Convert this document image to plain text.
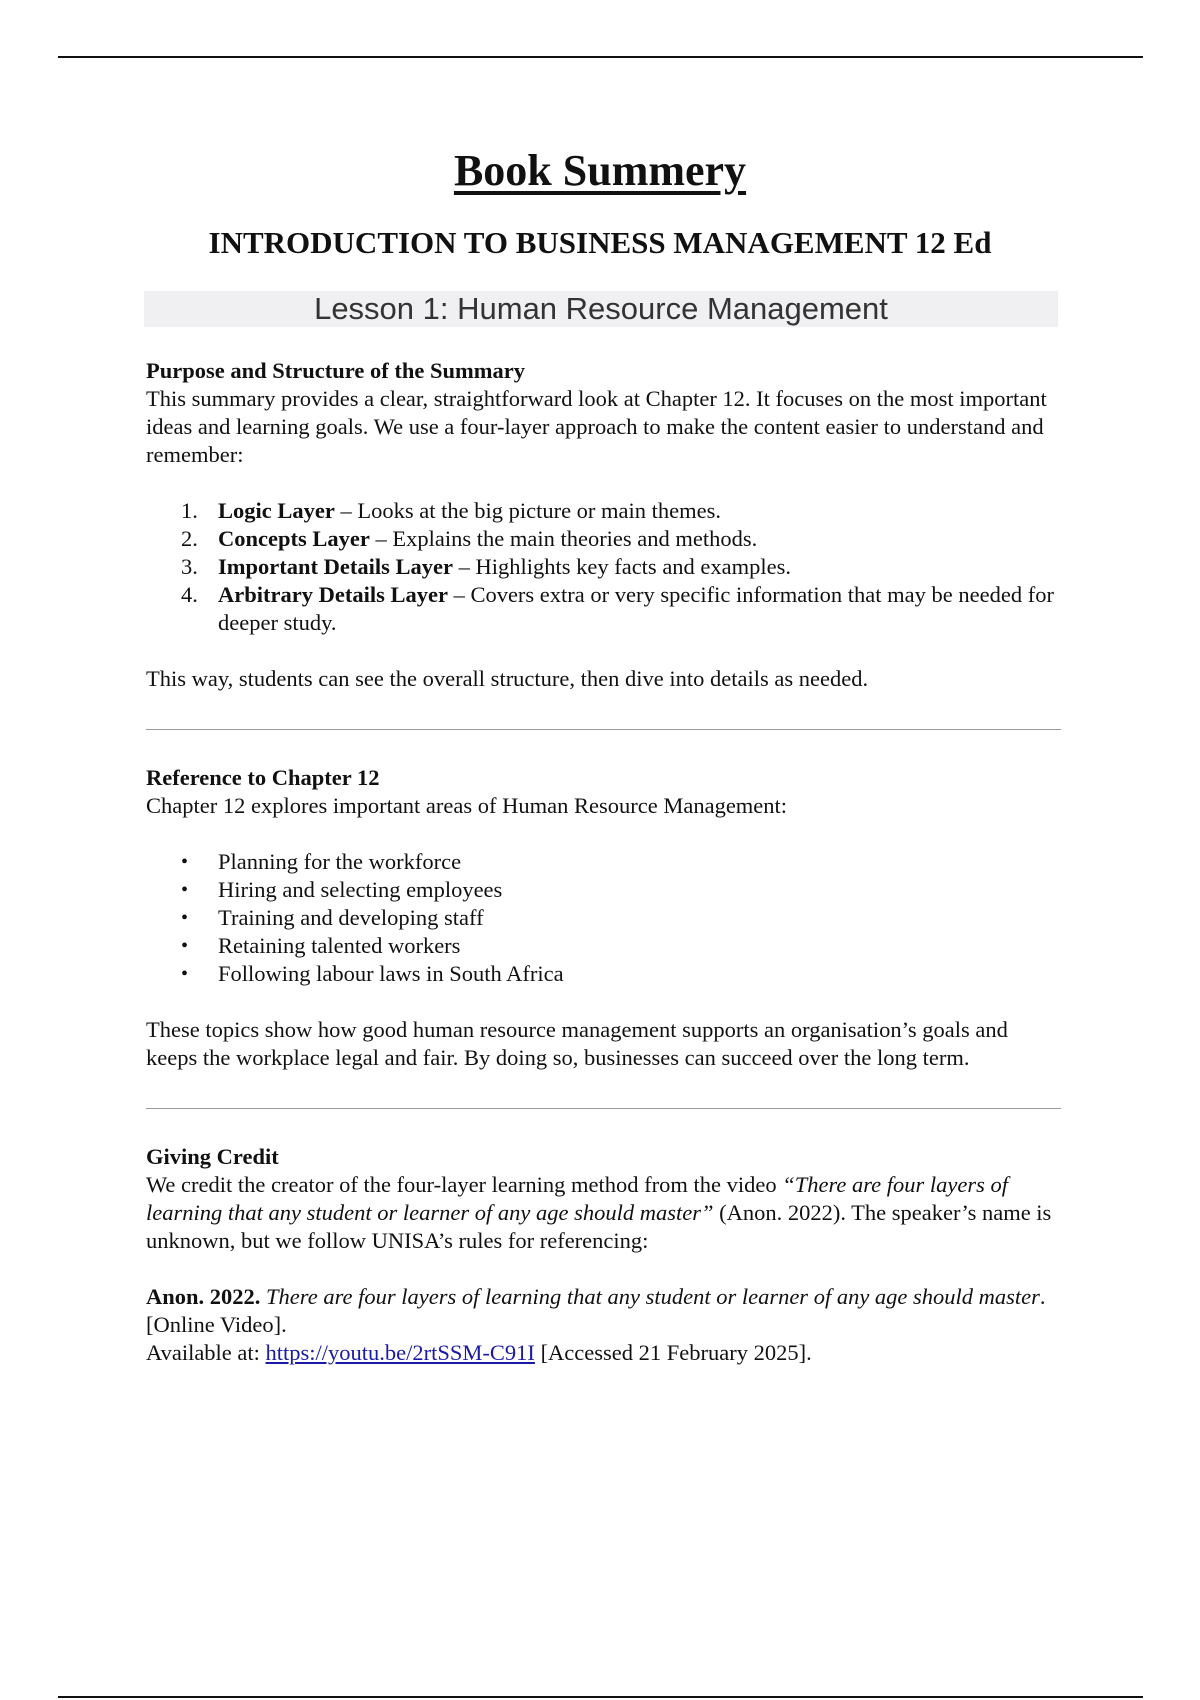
Book Summery
INTRODUCTION TO BUSINESS MANAGEMENT 12 Ed
Lesson 1: Human Resource Management

Purpose and Structure of the Summary

This summary provides a clear, straightforward look at Chapter 12. It focuses on the most important ideas and learning goals. We use a four-layer approach to make the content easier to understand and remember:

1. Logic Layer – Looks at the big picture or main themes.
2. Concepts Layer – Explains the main theories and methods.
3. Important Details Layer – Highlights key facts and examples.
4. Arbitrary Details Layer – Covers extra or very specific information that may be needed for deeper study.

This way, students can see the overall structure, then dive into details as needed.

Reference to Chapter 12

Chapter 12 explores important areas of Human Resource Management:

• Planning for the workforce
• Hiring and selecting employees
• Training and developing staff
• Retaining talented workers
• Following labour laws in South Africa

These topics show how good human resource management supports an organisation’s goals and keeps the workplace legal and fair. By doing so, businesses can succeed over the long term.

Giving Credit

We credit the creator of the four-layer learning method from the video “There are four layers of learning that any student or learner of any age should master” (Anon. 2022). The speaker’s name is unknown, but we follow UNISA’s rules for referencing:

Anon. 2022. There are four layers of learning that any student or learner of any age should master. [Online Video].

Available at: https://youtu.be/2rtSSM-C91I [Accessed 21 February 2025].
